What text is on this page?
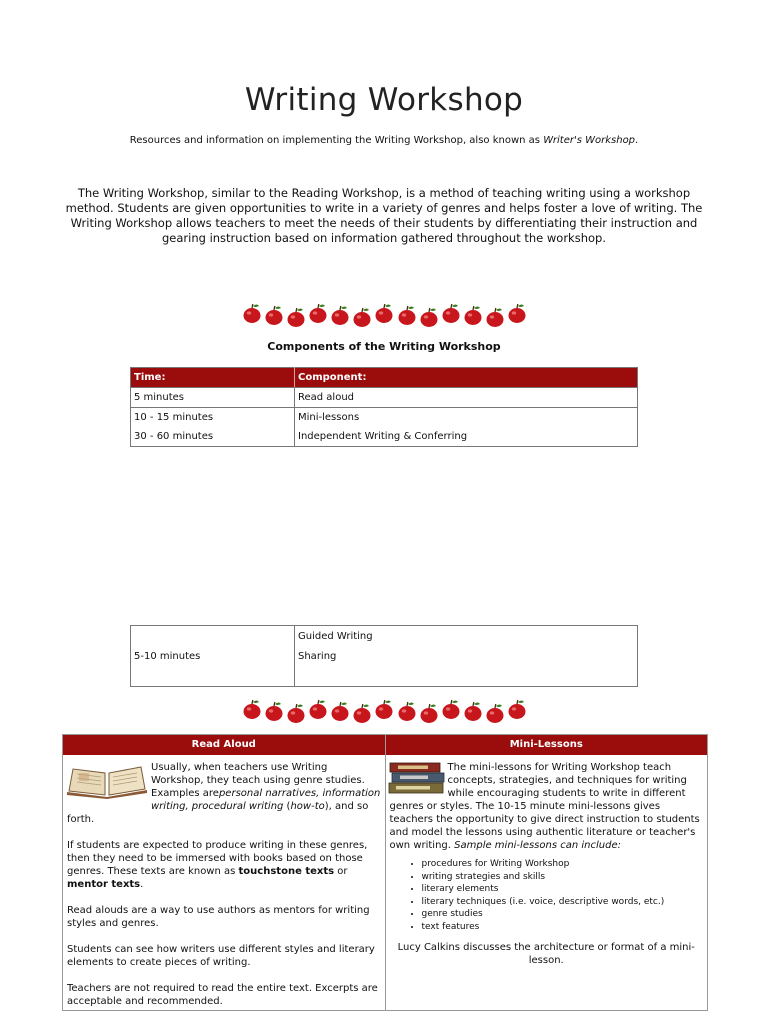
Writing Workshop
Resources and information on implementing the Writing Workshop, also known as Writer's Workshop.
The Writing Workshop, similar to the Reading Workshop, is a method of teaching writing using a workshop method. Students are given opportunities to write in a variety of genres and helps foster a love of writing. The Writing Workshop allows teachers to meet the needs of their students by differentiating their instruction and gearing instruction based on information gathered throughout the workshop.
Components of the Writing Workshop
Time:	Component:
5 minutes	Read aloud
10 - 15 minutes	Mini-lessons
30 - 60 minutes	Independent Writing & Conferring
	Guided Writing
5-10 minutes	Sharing

Read Aloud

Usually, when teachers use Writing Workshop, they teach using genre studies. Examples arepersonal narratives, information writing, procedural writing (how-to), and so forth.

If students are expected to produce writing in these genres, then they need to be immersed with books based on those genres. These texts are known as touchstone texts or mentor texts.

Read alouds are a way to use authors as mentors for writing styles and genres.

Students can see how writers use different styles and literary elements to create pieces of writing.

Teachers are not required to read the entire text. Excerpts are acceptable and recommended.

Mini-Lessons

The mini-lessons for Writing Workshop teach concepts, strategies, and techniques for writing while encouraging students to write in different genres or styles. The 10-15 minute mini-lessons gives teachers the opportunity to give direct instruction to students and model the lessons using authentic literature or teacher's own writing. Sample mini-lessons can include:

• procedures for Writing Workshop
• writing strategies and skills
• literary elements
• literary techniques (i.e. voice, descriptive words, etc.)
• genre studies
• text features

Lucy Calkins discusses the architecture or format of a mini-lesson.
